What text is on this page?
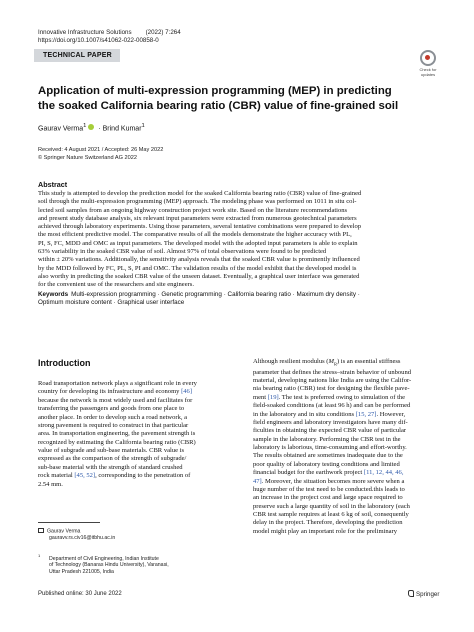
Innovative Infrastructure Solutions (2022) 7:264
https://doi.org/10.1007/s41062-022-00858-0
TECHNICAL PAPER
Check for
updates
Application of multi-expression programming (MEP) in predicting
the soaked California bearing ratio (CBR) value of fine-grained soil
Gaurav Verma$^1$ · Brind Kumar$^1$
Received: 4 August 2021 / Accepted: 26 May 2022
© Springer Nature Switzerland AG 2022
Abstract
This study is attempted to develop the prediction model for the soaked California bearing ratio (CBR) value of fine-grained
soil through the multi-expression programming (MEP) approach. The modeling phase was performed on 1011 in situ col-
lected soil samples from an ongoing highway construction project work site. Based on the literature recommendations
and present study database analysis, six relevant input parameters were extracted from numerous geotechnical parameters
achieved through laboratory experiments. Using those parameters, several tentative combinations were prepared to develop
the most efficient predictive model. The comparative results of all the models demonstrate the higher accuracy with PL,
PI, S, FC, MDD and OMC as input parameters. The developed model with the adopted input parameters is able to explain
63% variability in the soaked CBR value of soil. Almost 97% of total observations were found to be predicted
within ± 20% variations. Additionally, the sensitivity analysis reveals that the soaked CBR value is prominently influenced
by the MDD followed by FC, PL, S, PI and OMC. The validation results of the model exhibit that the developed model is
also worthy in predicting the soaked CBR value of the unseen dataset. Eventually, a graphical user interface was generated
for the convenient use of the researchers and site engineers.
Keywords Multi-expression programming · Genetic programming · California bearing ratio · Maximum dry density ·
Optimum moisture content · Graphical user interface
Introduction
Road transportation network plays a significant role in every
country for developing its infrastructure and economy [46]
because the network is most widely used and facilitates for
transferring the passengers and goods from one place to
another place. In order to develop such a road network, a
strong pavement is required to construct in that particular
area. In transportation engineering, the pavement strength is
recognized by estimating the California bearing ratio (CBR)
value of subgrade and sub-base materials. CBR value is
expressed as the comparison of the strength of subgrade/
sub-base material with the strength of standard crushed
rock material [45, 52], corresponding to the penetration of
2.54 mm.
Although resilient modulus $(M_R)$ is an essential stiffness
parameter that defines the stress–strain behavior of unbound
material, developing nations like India are using the Califor-
nia bearing ratio (CBR) test for designing the flexible pave-
ment [19]. The test is preferred owing to simulation of the
field-soaked conditions (at least 96 h) and can be performed
in the laboratory and in situ conditions [15, 27]. However,
field engineers and laboratory investigators have many dif-
ficulties in obtaining the expected CBR value of particular
sample in the laboratory. Performing the CBR test in the
laboratory is laborious, time-consuming and effort-worthy.
The results obtained are sometimes inadequate due to the
poor quality of laboratory testing conditions and limited
financial budget for the earthwork project [11, 12, 44, 46,
47]. Moreover, the situation becomes more severe when a
huge number of the test need to be conducted.this leads to
an increase in the project cost and large space required to
preserve such a large quantity of soil in the laboratory (each
CBR test sample requires at least 6 kg of soil, consequently
delay in the project. Therefore, developing the prediction
model might play an important role for the preliminary
Gaurav Verma
gauravv.rs.civ16@itbhu.ac.in
$^1$
Department of Civil Engineering, Indian Institute
of Technology (Banaras Hindu University), Varanasi,
Uttar Pradesh 221005, India
Published online: 30 June 2022	Springer
